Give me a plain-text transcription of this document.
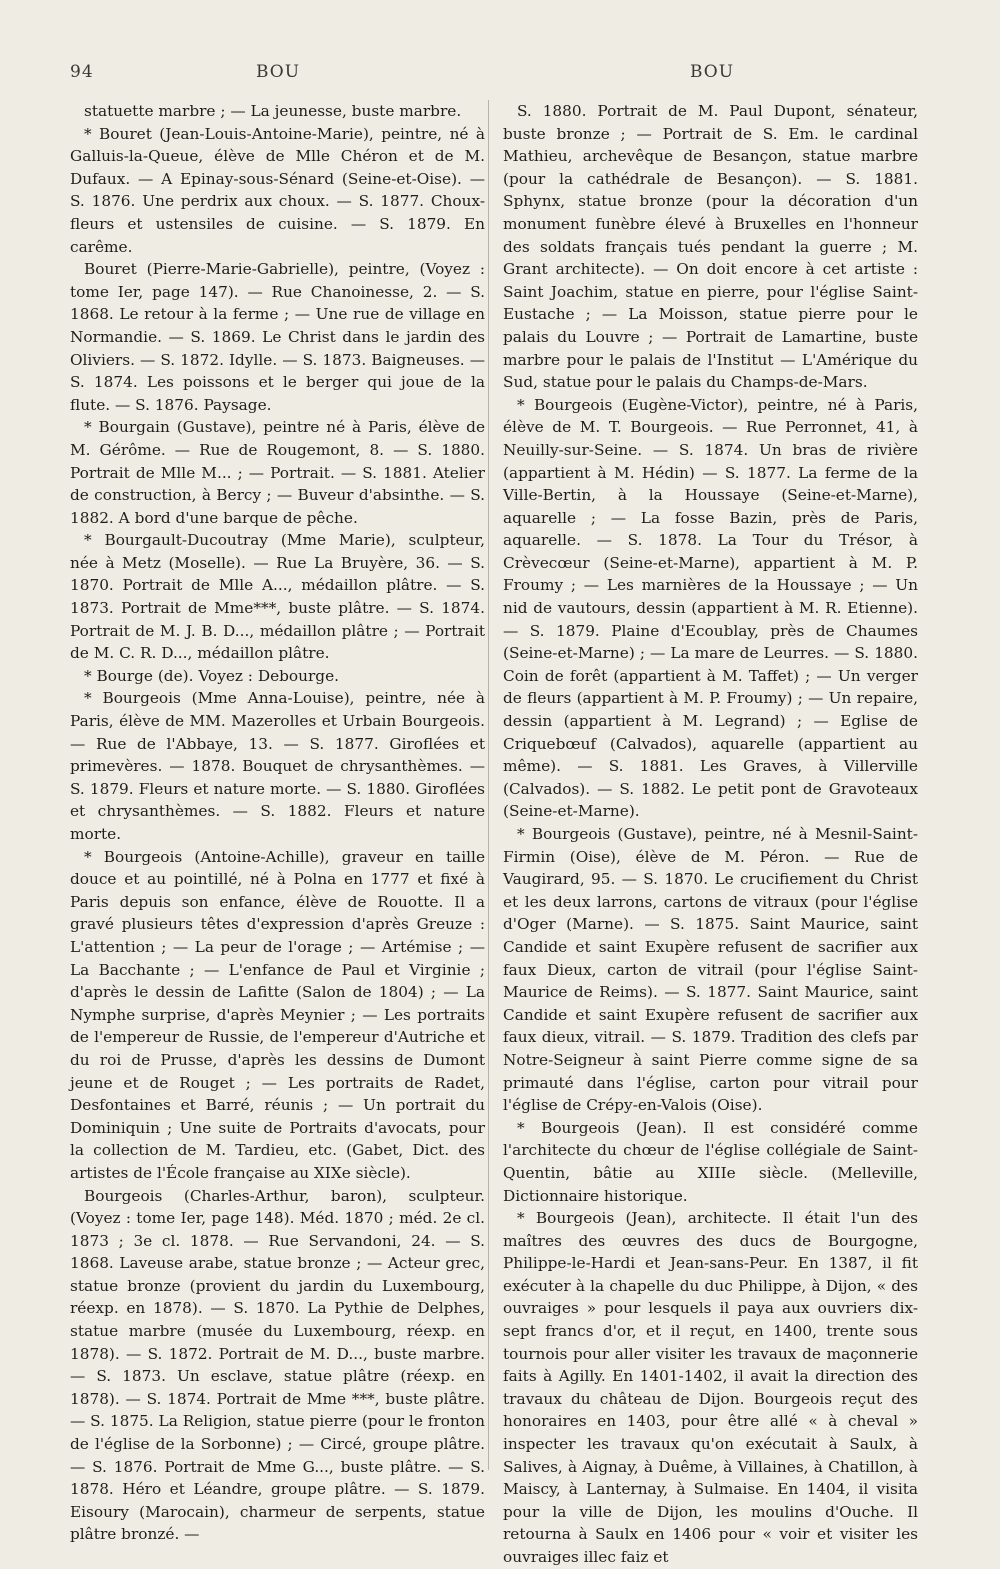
94	BOU	BOU

statuette marbre ; — La jeunesse, buste marbre.

* Bouret (Jean-Louis-Antoine-Marie), peintre, né à Galluis-la-Queue, élève de Mlle Chéron et de M. Dufaux. — A Epinay-sous-Sénard (Seine-et-Oise). — S. 1876. Une perdrix aux choux. — S. 1877. Choux-fleurs et ustensiles de cuisine. — S. 1879. En carême.

Bouret (Pierre-Marie-Gabrielle), peintre, (Voyez : tome Ier, page 147). — Rue Chanoinesse, 2. — S. 1868. Le retour à la ferme ; — Une rue de village en Normandie. — S. 1869. Le Christ dans le jardin des Oliviers. — S. 1872. Idylle. — S. 1873. Baigneuses. — S. 1874. Les poissons et le berger qui joue de la flute. — S. 1876. Paysage.

* Bourgain (Gustave), peintre né à Paris, élève de M. Gérôme. — Rue de Rougemont, 8. — S. 1880. Portrait de Mlle M... ; — Portrait. — S. 1881. Atelier de construction, à Bercy ; — Buveur d'absinthe. — S. 1882. A bord d'une barque de pêche.

* Bourgault-Ducoutray (Mme Marie), sculpteur, née à Metz (Moselle). — Rue La Bruyère, 36. — S. 1870. Portrait de Mlle A..., médaillon plâtre. — S. 1873. Portrait de Mme***, buste plâtre. — S. 1874. Portrait de M. J. B. D..., médaillon plâtre ; — Portrait de M. C. R. D..., médaillon plâtre.

* Bourge (de). Voyez : Debourge.

* Bourgeois (Mme Anna-Louise), peintre, née à Paris, élève de MM. Mazerolles et Urbain Bourgeois. — Rue de l'Abbaye, 13. — S. 1877. Giroflées et primevères. — 1878. Bouquet de chrysanthèmes. — S. 1879. Fleurs et nature morte. — S. 1880. Giroflées et chrysanthèmes. — S. 1882. Fleurs et nature morte.

* Bourgeois (Antoine-Achille), graveur en taille douce et au pointillé, né à Polna en 1777 et fixé à Paris depuis son enfance, élève de Rouotte. Il a gravé plusieurs têtes d'expression d'après Greuze : L'attention ; — La peur de l'orage ; — Artémise ; — La Bacchante ; — L'enfance de Paul et Virginie ; d'après le dessin de Lafitte (Salon de 1804) ; — La Nymphe surprise, d'après Meynier ; — Les portraits de l'empereur de Russie, de l'empereur d'Autriche et du roi de Prusse, d'après les dessins de Dumont jeune et de Rouget ; — Les portraits de Radet, Desfontaines et Barré, réunis ; — Un portrait du Dominiquin ; Une suite de Portraits d'avocats, pour la collection de M. Tardieu, etc. (Gabet, Dict. des artistes de l'École française au XIXe siècle).

Bourgeois (Charles-Arthur, baron), sculpteur. (Voyez : tome Ier, page 148). Méd. 1870 ; méd. 2e cl. 1873 ; 3e cl. 1878. — Rue Servandoni, 24. — S. 1868. Laveuse arabe, statue bronze ; — Acteur grec, statue bronze (provient du jardin du Luxembourg, réexp. en 1878). — S. 1870. La Pythie de Delphes, statue marbre (musée du Luxembourg, réexp. en 1878). — S. 1872. Portrait de M. D..., buste marbre. — S. 1873. Un esclave, statue plâtre (réexp. en 1878). — S. 1874. Portrait de Mme ***, buste plâtre. — S. 1875. La Religion, statue pierre (pour le fronton de l'église de la Sorbonne) ; — Circé, groupe plâtre. — S. 1876. Portrait de Mme G..., buste plâtre. — S. 1878. Héro et Léandre, groupe plâtre. — S. 1879. Eisoury (Marocain), charmeur de serpents, statue plâtre bronzé. —

S. 1880. Portrait de M. Paul Dupont, sénateur, buste bronze ; — Portrait de S. Em. le cardinal Mathieu, archevêque de Besançon, statue marbre (pour la cathédrale de Besançon). — S. 1881. Sphynx, statue bronze (pour la décoration d'un monument funèbre élevé à Bruxelles en l'honneur des soldats français tués pendant la guerre ; M. Grant architecte). — On doit encore à cet artiste : Saint Joachim, statue en pierre, pour l'église Saint-Eustache ; — La Moisson, statue pierre pour le palais du Louvre ; — Portrait de Lamartine, buste marbre pour le palais de l'Institut — L'Amérique du Sud, statue pour le palais du Champs-de-Mars.

* Bourgeois (Eugène-Victor), peintre, né à Paris, élève de M. T. Bourgeois. — Rue Perronnet, 41, à Neuilly-sur-Seine. — S. 1874. Un bras de rivière (appartient à M. Hédin) — S. 1877. La ferme de la Ville-Bertin, à la Houssaye (Seine-et-Marne), aquarelle ; — La fosse Bazin, près de Paris, aquarelle. — S. 1878. La Tour du Trésor, à Crèvecœur (Seine-et-Marne), appartient à M. P. Froumy ; — Les marnières de la Houssaye ; — Un nid de vautours, dessin (appartient à M. R. Etienne). — S. 1879. Plaine d'Ecoublay, près de Chaumes (Seine-et-Marne) ; — La mare de Leurres. — S. 1880. Coin de forêt (appartient à M. Taffet) ; — Un verger de fleurs (appartient à M. P. Froumy) ; — Un repaire, dessin (appartient à M. Legrand) ; — Eglise de Criquebœuf (Calvados), aquarelle (appartient au même). — S. 1881. Les Graves, à Villerville (Calvados). — S. 1882. Le petit pont de Gravoteaux (Seine-et-Marne).

* Bourgeois (Gustave), peintre, né à Mesnil-Saint-Firmin (Oise), élève de M. Péron. — Rue de Vaugirard, 95. — S. 1870. Le crucifiement du Christ et les deux larrons, cartons de vitraux (pour l'église d'Oger (Marne). — S. 1875. Saint Maurice, saint Candide et saint Exupère refusent de sacrifier aux faux Dieux, carton de vitrail (pour l'église Saint-Maurice de Reims). — S. 1877. Saint Maurice, saint Candide et saint Exupère refusent de sacrifier aux faux dieux, vitrail. — S. 1879. Tradition des clefs par Notre-Seigneur à saint Pierre comme signe de sa primauté dans l'église, carton pour vitrail pour l'église de Crépy-en-Valois (Oise).

* Bourgeois (Jean). Il est considéré comme l'architecte du chœur de l'église collégiale de Saint-Quentin, bâtie au XIIIe siècle. (Melleville, Dictionnaire historique.

* Bourgeois (Jean), architecte. Il était l'un des maîtres des œuvres des ducs de Bourgogne, Philippe-le-Hardi et Jean-sans-Peur. En 1387, il fit exécuter à la chapelle du duc Philippe, à Dijon, « des ouvraiges » pour lesquels il paya aux ouvriers dix-sept francs d'or, et il reçut, en 1400, trente sous tournois pour aller visiter les travaux de maçonnerie faits à Agilly. En 1401-1402, il avait la direction des travaux du château de Dijon. Bourgeois reçut des honoraires en 1403, pour être allé « à cheval » inspecter les travaux qu'on exécutait à Saulx, à Salives, à Aignay, à Duême, à Villaines, à Chatillon, à Maiscy, à Lanternay, à Sulmaise. En 1404, il visita pour la ville de Dijon, les moulins d'Ouche. Il retourna à Saulx en 1406 pour « voir et visiter les ouvraiges illec faiz et
